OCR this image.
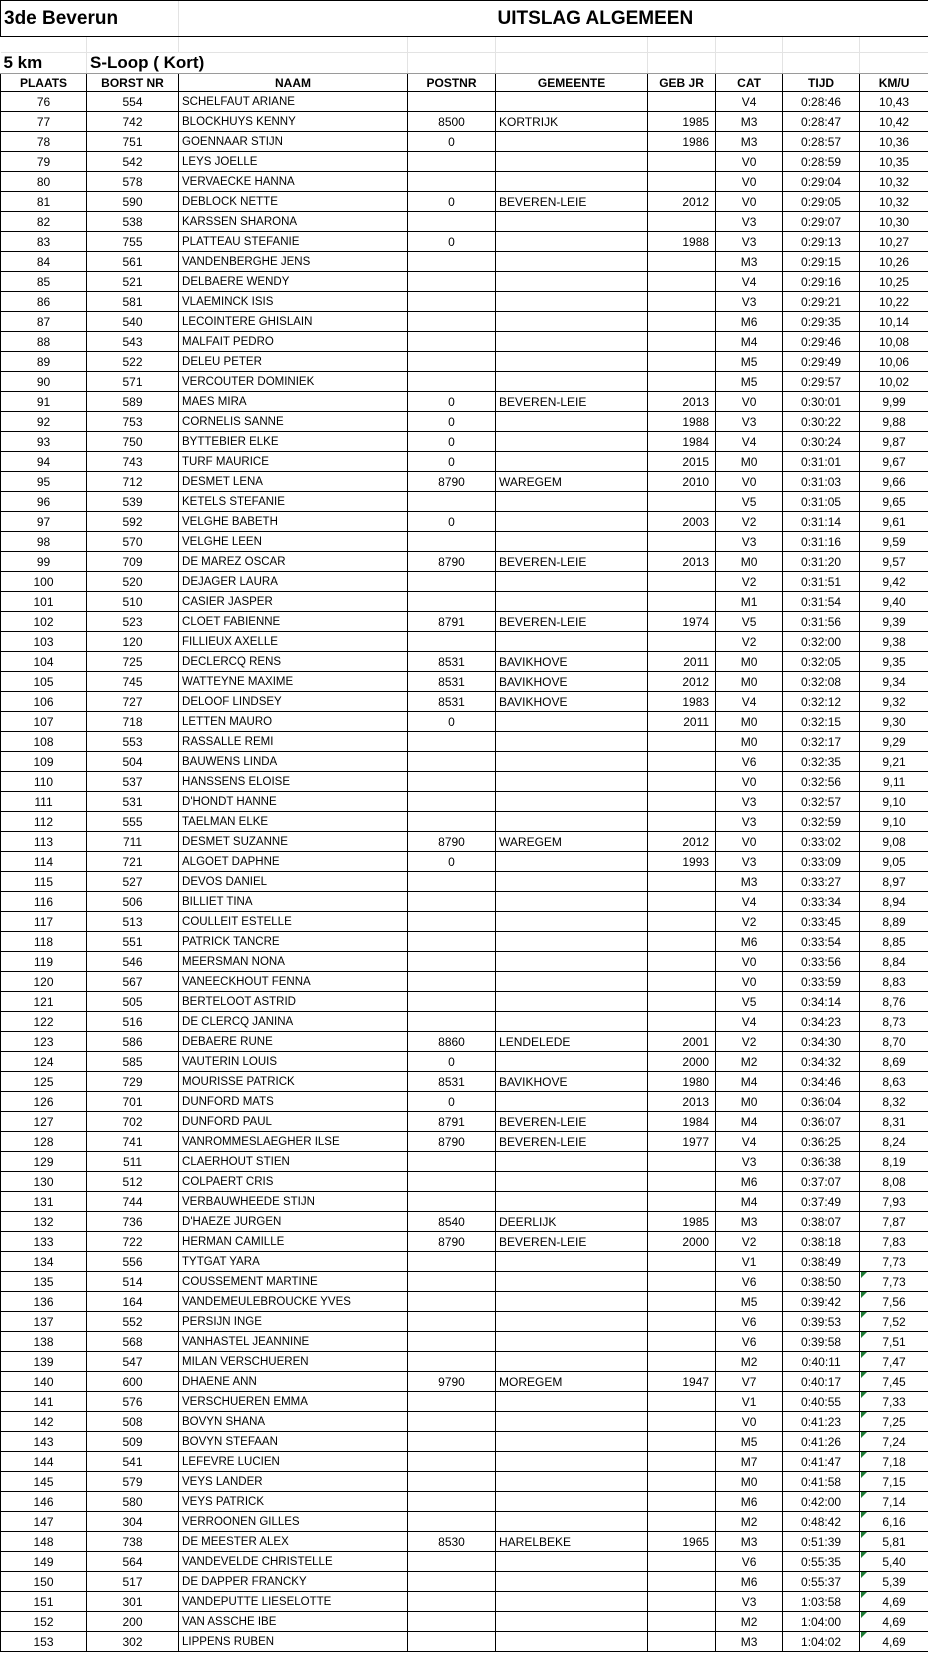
3de Beverun					UITSLAG ALGEMEEN			

5 km	S-Loop ( Kort)							
PLAATS	BORST NR	NAAM	POSTNR	GEMEENTE	GEB JR	CAT	TIJD	KM/U
76	554	SCHELFAUT ARIANE				V4	0:28:46	10,43
77	742	BLOCKHUYS KENNY	8500	KORTRIJK	1985	M3	0:28:47	10,42
78	751	GOENNAAR STIJN	0		1986	M3	0:28:57	10,36
79	542	LEYS JOELLE				V0	0:28:59	10,35
80	578	VERVAECKE HANNA				V0	0:29:04	10,32
81	590	DEBLOCK NETTE	0	BEVEREN-LEIE	2012	V0	0:29:05	10,32
82	538	KARSSEN SHARONA				V3	0:29:07	10,30
83	755	PLATTEAU STEFANIE	0		1988	V3	0:29:13	10,27
84	561	VANDENBERGHE JENS				M3	0:29:15	10,26
85	521	DELBAERE WENDY				V4	0:29:16	10,25
86	581	VLAEMINCK ISIS				V3	0:29:21	10,22
87	540	LECOINTERE GHISLAIN				M6	0:29:35	10,14
88	543	MALFAIT PEDRO				M4	0:29:46	10,08
89	522	DELEU PETER				M5	0:29:49	10,06
90	571	VERCOUTER DOMINIEK				M5	0:29:57	10,02
91	589	MAES MIRA	0	BEVEREN-LEIE	2013	V0	0:30:01	9,99
92	753	CORNELIS SANNE	0		1988	V3	0:30:22	9,88
93	750	BYTTEBIER ELKE	0		1984	V4	0:30:24	9,87
94	743	TURF MAURICE	0		2015	M0	0:31:01	9,67
95	712	DESMET LENA	8790	WAREGEM	2010	V0	0:31:03	9,66
96	539	KETELS STEFANIE				V5	0:31:05	9,65
97	592	VELGHE BABETH	0		2003	V2	0:31:14	9,61
98	570	VELGHE LEEN				V3	0:31:16	9,59
99	709	DE MAREZ OSCAR	8790	BEVEREN-LEIE	2013	M0	0:31:20	9,57
100	520	DEJAGER LAURA				V2	0:31:51	9,42
101	510	CASIER JASPER				M1	0:31:54	9,40
102	523	CLOET FABIENNE	8791	BEVEREN-LEIE	1974	V5	0:31:56	9,39
103	120	FILLIEUX AXELLE				V2	0:32:00	9,38
104	725	DECLERCQ RENS	8531	BAVIKHOVE	2011	M0	0:32:05	9,35
105	745	WATTEYNE MAXIME	8531	BAVIKHOVE	2012	M0	0:32:08	9,34
106	727	DELOOF LINDSEY	8531	BAVIKHOVE	1983	V4	0:32:12	9,32
107	718	LETTEN MAURO	0		2011	M0	0:32:15	9,30
108	553	RASSALLE REMI				M0	0:32:17	9,29
109	504	BAUWENS LINDA				V6	0:32:35	9,21
110	537	HANSSENS ELOISE				V0	0:32:56	9,11
111	531	D'HONDT HANNE				V3	0:32:57	9,10
112	555	TAELMAN ELKE				V3	0:32:59	9,10
113	711	DESMET SUZANNE	8790	WAREGEM	2012	V0	0:33:02	9,08
114	721	ALGOET DAPHNE	0		1993	V3	0:33:09	9,05
115	527	DEVOS DANIEL				M3	0:33:27	8,97
116	506	BILLIET TINA				V4	0:33:34	8,94
117	513	COULLEIT ESTELLE				V2	0:33:45	8,89
118	551	PATRICK TANCRE				M6	0:33:54	8,85
119	546	MEERSMAN NONA				V0	0:33:56	8,84
120	567	VANEECKHOUT FENNA				V0	0:33:59	8,83
121	505	BERTELOOT ASTRID				V5	0:34:14	8,76
122	516	DE CLERCQ JANINA				V4	0:34:23	8,73
123	586	DEBAERE RUNE	8860	LENDELEDE	2001	V2	0:34:30	8,70
124	585	VAUTERIN LOUIS	0		2000	M2	0:34:32	8,69
125	729	MOURISSE PATRICK	8531	BAVIKHOVE	1980	M4	0:34:46	8,63
126	701	DUNFORD MATS	0		2013	M0	0:36:04	8,32
127	702	DUNFORD PAUL	8791	BEVEREN-LEIE	1984	M4	0:36:07	8,31
128	741	VANROMMESLAEGHER ILSE	8790	BEVEREN-LEIE	1977	V4	0:36:25	8,24
129	511	CLAERHOUT STIEN				V3	0:36:38	8,19
130	512	COLPAERT CRIS				M6	0:37:07	8,08
131	744	VERBAUWHEEDE STIJN				M4	0:37:49	7,93
132	736	D'HAEZE JURGEN	8540	DEERLIJK	1985	M3	0:38:07	7,87
133	722	HERMAN CAMILLE	8790	BEVEREN-LEIE	2000	V2	0:38:18	7,83
134	556	TYTGAT YARA				V1	0:38:49	7,73
135	514	COUSSEMENT MARTINE				V6	0:38:50	7,73

136	164	VANDEMEULEBROUCKE YVES				M5	0:39:42	7,56

137	552	PERSIJN INGE				V6	0:39:53	7,52

138	568	VANHASTEL JEANNINE				V6	0:39:58	7,51

139	547	MILAN VERSCHUEREN				M2	0:40:11	7,47

140	600	DHAENE ANN	9790	MOREGEM	1947	V7	0:40:17	7,45

141	576	VERSCHUEREN EMMA				V1	0:40:55	7,33

142	508	BOVYN SHANA				V0	0:41:23	7,25

143	509	BOVYN STEFAAN				M5	0:41:26	7,24

144	541	LEFEVRE LUCIEN				M7	0:41:47	7,18

145	579	VEYS LANDER				M0	0:41:58	7,15

146	580	VEYS PATRICK				M6	0:42:00	7,14

147	304	VERROONEN GILLES				M2	0:48:42	6,16

148	738	DE MEESTER ALEX	8530	HARELBEKE	1965	M3	0:51:39	5,81

149	564	VANDEVELDE CHRISTELLE				V6	0:55:35	5,40

150	517	DE DAPPER FRANCKY				M6	0:55:37	5,39

151	301	VANDEPUTTE LIESELOTTE				V3	1:03:58	4,69

152	200	VAN ASSCHE IBE				M2	1:04:00	4,69

153	302	LIPPENS RUBEN				M3	1:04:02	4,69
